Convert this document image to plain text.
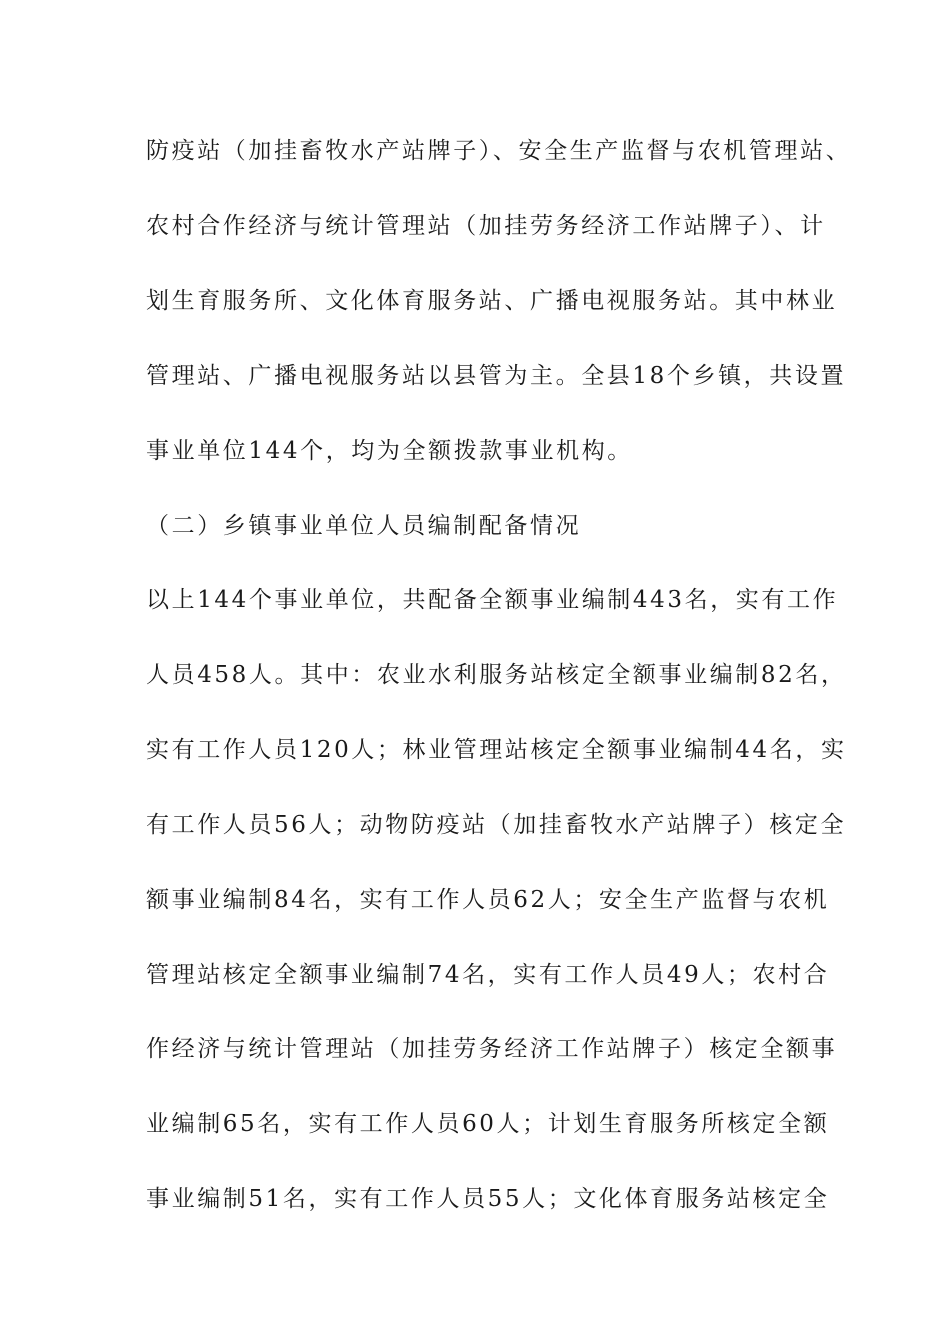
防疫站（加挂畜牧水产站牌子）、安全生产监督与农机管理站、
农村合作经济与统计管理站（加挂劳务经济工作站牌子）、计
划生育服务所、文化体育服务站、广播电视服务站。其中林业
管理站、广播电视服务站以县管为主。全县18个乡镇，共设置
事业单位144个，均为全额拨款事业机构。
（二）乡镇事业单位人员编制配备情况
以上144个事业单位，共配备全额事业编制443名，实有工作
人员458人。其中：农业水利服务站核定全额事业编制82名，
实有工作人员120人；林业管理站核定全额事业编制44名，实
有工作人员56人；动物防疫站（加挂畜牧水产站牌子）核定全
额事业编制84名，实有工作人员62人；安全生产监督与农机
管理站核定全额事业编制74名，实有工作人员49人；农村合
作经济与统计管理站（加挂劳务经济工作站牌子）核定全额事
业编制65名，实有工作人员60人；计划生育服务所核定全额
事业编制51名，实有工作人员55人；文化体育服务站核定全
